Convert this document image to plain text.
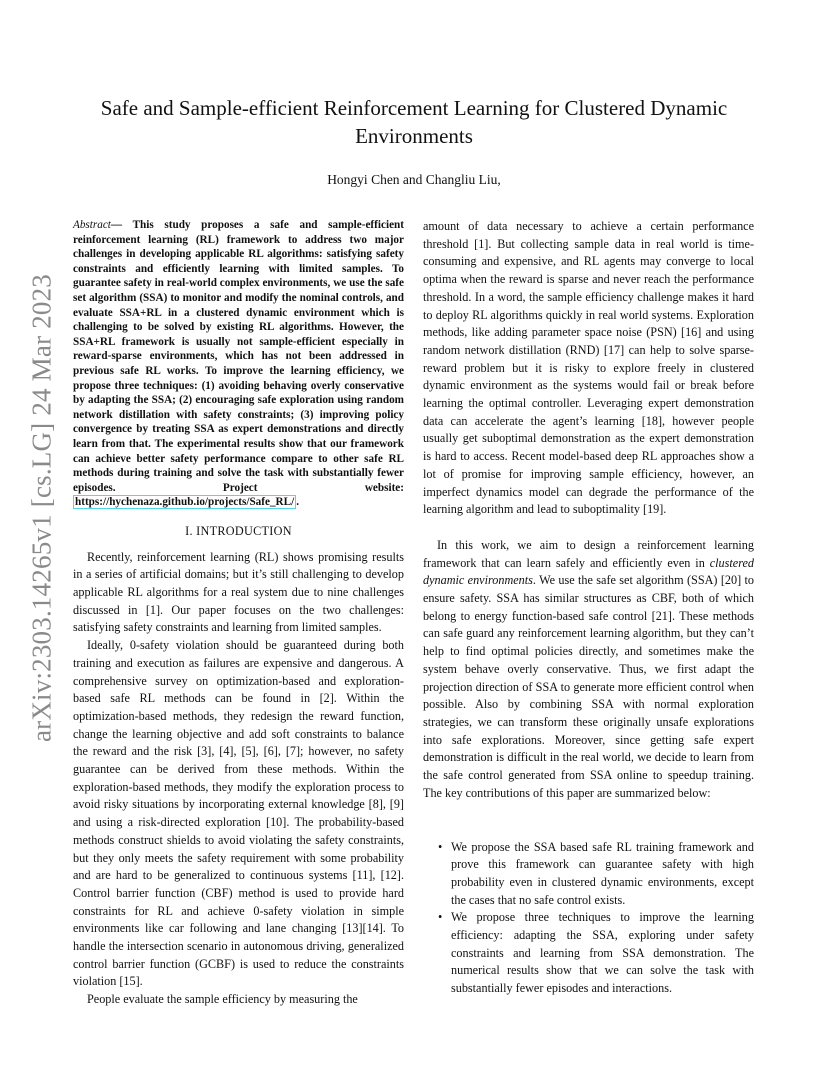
arXiv:2303.14265v1 [cs.LG] 24 Mar 2023
Safe and Sample-efficient Reinforcement Learning for Clustered Dynamic Environments

Hongyi Chen and Changliu Liu,

Abstract— This study proposes a safe and sample-efficient reinforcement learning (RL) framework to address two major challenges in developing applicable RL algorithms: satisfying safety constraints and efficiently learning with limited samples. To guarantee safety in real-world complex environments, we use the safe set algorithm (SSA) to monitor and modify the nominal controls, and evaluate SSA+RL in a clustered dynamic environment which is challenging to be solved by existing RL algorithms. However, the SSA+RL framework is usually not sample-efficient especially in reward-sparse environments, which has not been addressed in previous safe RL works. To improve the learning efficiency, we propose three techniques: (1) avoiding behaving overly conservative by adapting the SSA; (2) encouraging safe exploration using random network distillation with safety constraints; (3) improving policy convergence by treating SSA as expert demonstrations and directly learn from that. The experimental results show that our framework can achieve better safety performance compare to other safe RL methods during training and solve the task with substantially fewer episodes. Project website: https://hychenaza.github.io/projects/Safe_RL/ .

I. INTRODUCTION

Recently, reinforcement learning (RL) shows promising results in a series of artificial domains; but it’s still challenging to develop applicable RL algorithms for a real system due to nine challenges discussed in [1]. Our paper focuses on the two challenges: satisfying safety constraints and learning from limited samples.

Ideally, 0-safety violation should be guaranteed during both training and execution as failures are expensive and dangerous. A comprehensive survey on optimization-based and exploration-based safe RL methods can be found in [2]. Within the optimization-based methods, they redesign the reward function, change the learning objective and add soft constraints to balance the reward and the risk [3], [4], [5], [6], [7]; however, no safety guarantee can be derived from these methods. Within the exploration-based methods, they modify the exploration process to avoid risky situations by incorporating external knowledge [8], [9] and using a risk-directed exploration [10]. The probability-based methods construct shields to avoid violating the safety constraints, but they only meets the safety requirement with some probability and are hard to be generalized to continuous systems [11], [12]. Control barrier function (CBF) method is used to provide hard constraints for RL and achieve 0-safety violation in simple environments like car following and lane changing [13][14]. To handle the intersection scenario in autonomous driving, generalized control barrier function (GCBF) is used to reduce the constraints violation [15].

People evaluate the sample efficiency by measuring the

amount of data necessary to achieve a certain performance threshold [1]. But collecting sample data in real world is time-consuming and expensive, and RL agents may converge to local optima when the reward is sparse and never reach the performance threshold. In a word, the sample efficiency challenge makes it hard to deploy RL algorithms quickly in real world systems. Exploration methods, like adding parameter space noise (PSN) [16] and using random network distillation (RND) [17] can help to solve sparse-reward problem but it is risky to explore freely in clustered dynamic environment as the systems would fail or break before learning the optimal controller. Leveraging expert demonstration data can accelerate the agent’s learning [18], however people usually get suboptimal demonstration as the expert demonstration is hard to access. Recent model-based deep RL approaches show a lot of promise for improving sample efficiency, however, an imperfect dynamics model can degrade the performance of the learning algorithm and lead to suboptimality [19].

In this work, we aim to design a reinforcement learning framework that can learn safely and efficiently even in clustered dynamic environments. We use the safe set algorithm (SSA) [20] to ensure safety. SSA has similar structures as CBF, both of which belong to energy function-based safe control [21]. These methods can safe guard any reinforcement learning algorithm, but they can’t help to find optimal policies directly, and sometimes make the system behave overly conservative. Thus, we first adapt the projection direction of SSA to generate more efficient control when possible. Also by combining SSA with normal exploration strategies, we can transform these originally unsafe explorations into safe explorations. Moreover, since getting safe expert demonstration is difficult in the real world, we decide to learn from the safe control generated from SSA online to speedup training. The key contributions of this paper are summarized below:

• We propose the SSA based safe RL training framework and prove this framework can guarantee safety with high probability even in clustered dynamic environments, except the cases that no safe control exists.
• We propose three techniques to improve the learning efficiency: adapting the SSA, exploring under safety constraints and learning from SSA demonstration. The numerical results show that we can solve the task with substantially fewer episodes and interactions.
